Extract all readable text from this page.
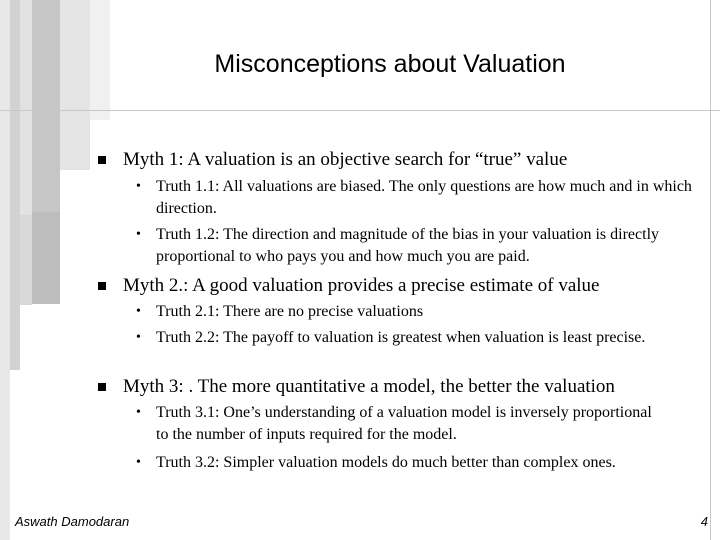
Misconceptions about Valuation
Myth 1: A valuation is an objective search for “true” value
• Truth 1.1: All valuations are biased. The only questions are how much and in which direction.
• Truth 1.2: The direction and magnitude of the bias in your valuation is directly proportional to who pays you and how much you are paid.
Myth 2.: A good valuation provides a precise estimate of value
• Truth 2.1: There are no precise valuations
• Truth 2.2: The payoff to valuation is greatest when valuation is least precise.
Myth 3: . The more quantitative a model, the better the valuation
• Truth 3.1: One’s understanding of a valuation model is inversely proportional to the number of inputs required for the model.
• Truth 3.2: Simpler valuation models do much better than complex ones.
Aswath Damodaran	4
